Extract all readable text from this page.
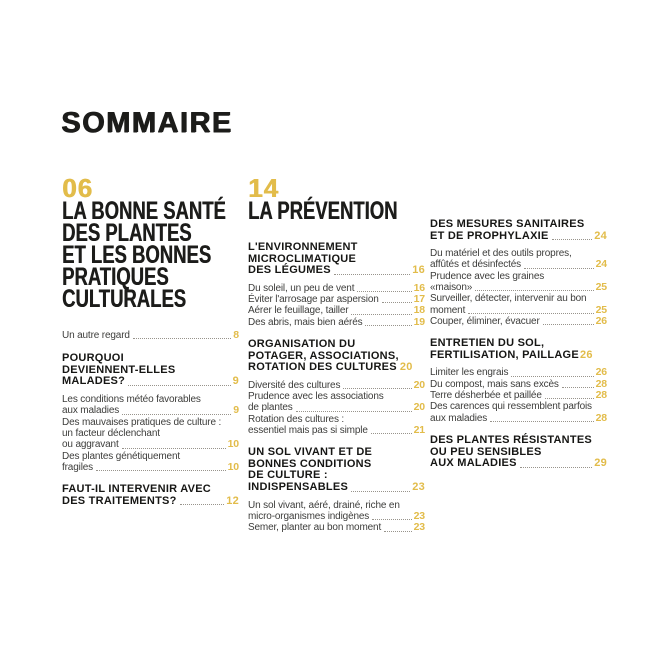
SOMMAIRE
06
LA BONNE SANTÉ
DES PLANTES
ET LES BONNES
PRATIQUES
CULTURALES
Un autre regard	8
POURQUOI
DEVIENNENT-ELLES
MALADES?	9
Les conditions météo favorables
aux maladies	9
Des mauvaises pratiques de culture :
un facteur déclenchant
ou aggravant	10
Des plantes génétiquement
fragiles	10
FAUT-IL INTERVENIR AVEC
DES TRAITEMENTS?	12
14
LA PRÉVENTION
L'ENVIRONNEMENT
MICROCLIMATIQUE
DES LÉGUMES	16
Du soleil, un peu de vent	16
Éviter l'arrosage par aspersion	17
Aérer le feuillage, tailler	18
Des abris, mais bien aérés	19
ORGANISATION DU
POTAGER, ASSOCIATIONS,
ROTATION DES CULTURES 20
Diversité des cultures	20
Prudence avec les associations
de plantes	20
Rotation des cultures :
essentiel mais pas si simple	21
UN SOL VIVANT ET DE
BONNES CONDITIONS
DE CULTURE :
INDISPENSABLES	23
Un sol vivant, aéré, drainé, riche en
micro-organismes indigènes	23
Semer, planter au bon moment	23
DES MESURES SANITAIRES
ET DE PROPHYLAXIE	24
Du matériel et des outils propres,
affûtés et désinfectés	24
Prudence avec les graines
«maison»	25
Surveiller, détecter, intervenir au bon
moment	25
Couper, éliminer, évacuer	26
ENTRETIEN DU SOL,
FERTILISATION, PAILLAGE 26
Limiter les engrais	26
Du compost, mais sans excès	28
Terre désherbée et paillée	28
Des carences qui ressemblent parfois
aux maladies	28
DES PLANTES RÉSISTANTES
OU PEU SENSIBLES
AUX MALADIES	29
